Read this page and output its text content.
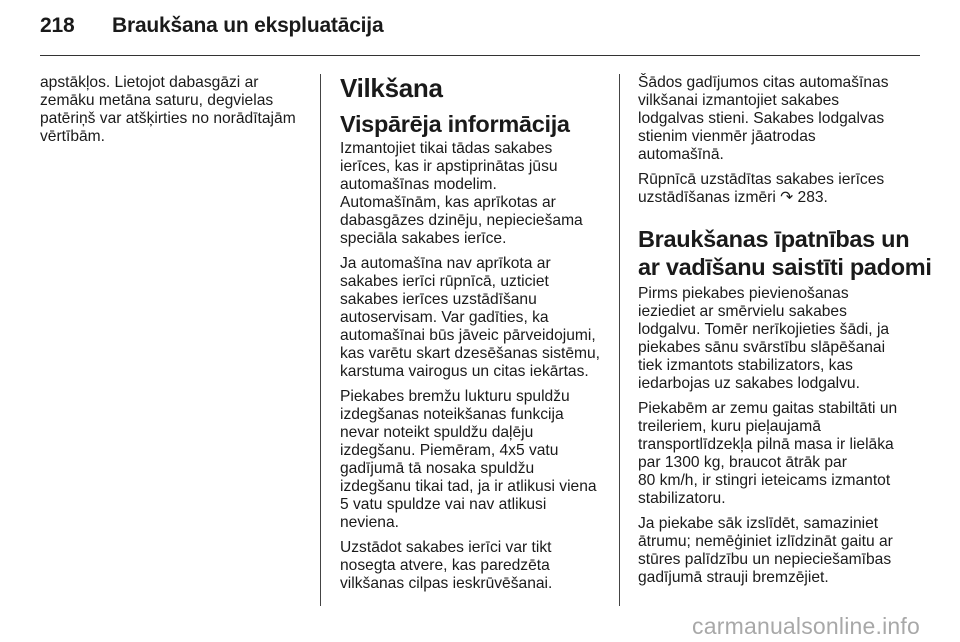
218 Braukšana un ekspluatācija

apstākļos. Lietojot dabasgāzi ar
zemāku metāna saturu, degvielas
patēriņš var atšķirties no norādītajām
vērtībām.

Vilkšana
Vispārēja informācija

Izmantojiet tikai tādas sakabes
ierīces, kas ir apstiprinātas jūsu
automašīnas modelim.
Automašīnām, kas aprīkotas ar
dabasgāzes dzinēju, nepieciešama
speciāla sakabes ierīce.

Ja automašīna nav aprīkota ar
sakabes ierīci rūpnīcā, uzticiet
sakabes ierīces uzstādīšanu
autoservisam. Var gadīties, ka
automašīnai būs jāveic pārveidojumi,
kas varētu skart dzesēšanas sistēmu,
karstuma vairogus un citas iekārtas.

Piekabes bremžu lukturu spuldžu
izdegšanas noteikšanas funkcija
nevar noteikt spuldžu daļēju
izdegšanu. Piemēram, 4x5 vatu
gadījumā tā nosaka spuldžu
izdegšanu tikai tad, ja ir atlikusi viena
5 vatu spuldze vai nav atlikusi
neviena.

Uzstādot sakabes ierīci var tikt
nosegta atvere, kas paredzēta
vilkšanas cilpas ieskrūvēšanai.

Šādos gadījumos citas automašīnas
vilkšanai izmantojiet sakabes
lodgalvas stieni. Sakabes lodgalvas
stienim vienmēr jāatrodas
automašīnā.

Rūpnīcā uzstādītas sakabes ierīces
uzstādīšanas izmēri ↷ 283.

Braukšanas īpatnības un
ar vadīšanu saistīti padomi

Pirms piekabes pievienošanas
ieziediet ar smērvielu sakabes
lodgalvu. Tomēr nerīkojieties šādi, ja
piekabes sānu svārstību slāpēšanai
tiek izmantots stabilizators, kas
iedarbojas uz sakabes lodgalvu.

Piekabēm ar zemu gaitas stabiltāti un
treileriem, kuru pieļaujamā
transportlīdzekļa pilnā masa ir lielāka
par 1300 kg, braucot ātrāk par
80 km/h, ir stingri ieteicams izmantot
stabilizatoru.

Ja piekabe sāk izslīdēt, samaziniet
ātrumu; nemēģiniet izlīdzināt gaitu ar
stūres palīdzību un nepieciešamības
gadījumā strauji bremzējiet.

carmanualsonline.info
